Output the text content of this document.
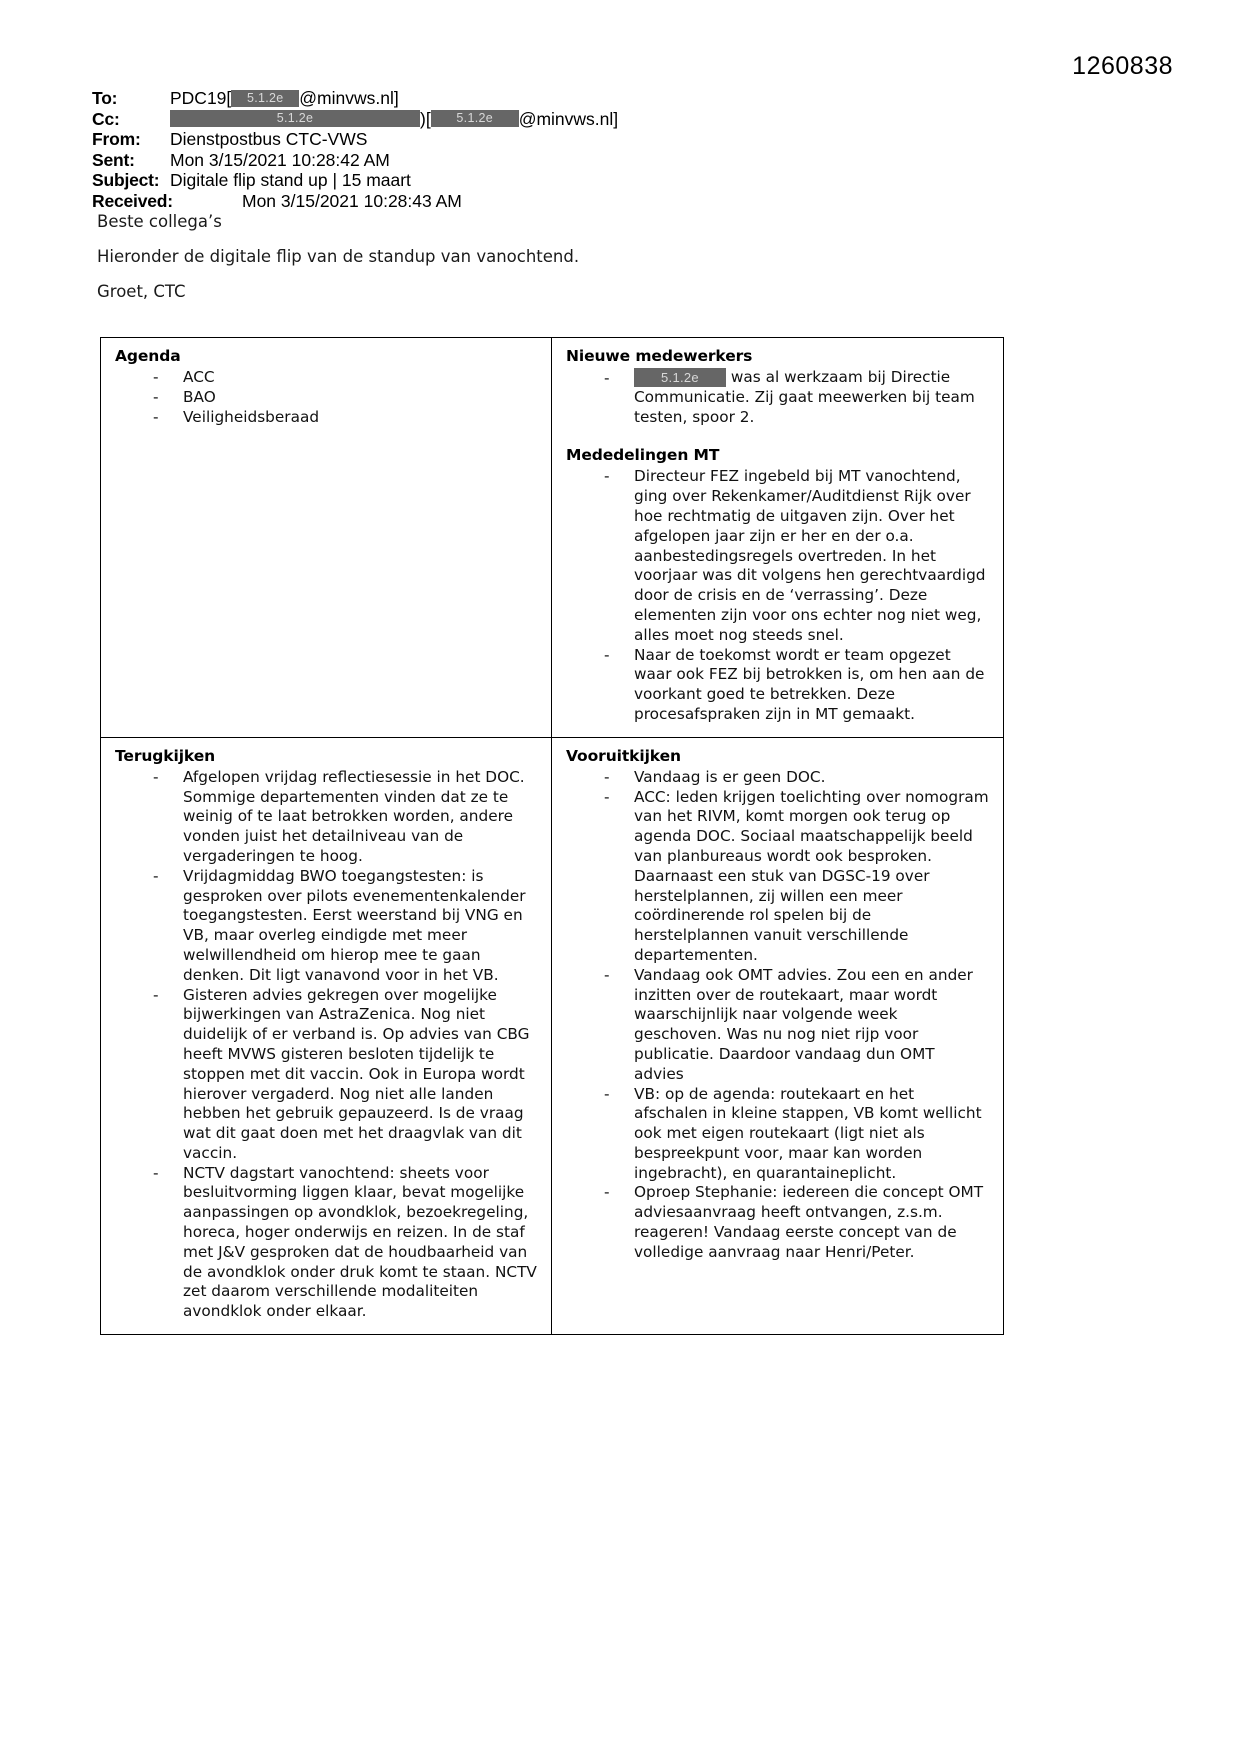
1260838
To:	PDC19[	5.1.2e @minvws.nl]
Cc:	5.1.2e	)[	5.1.2e	@minvws.nl]
From:	Dienstpostbus CTC-VWS
Sent:	Mon 3/15/2021 10:28:42 AM
Subject: Digitale flip stand up | 15 maart
Received:	Mon 3/15/2021 10:28:43 AM
Beste collega’s
Hieronder de digitale flip van de standup van vanochtend.
Groet, CTC
Agenda
- ACC
- BAO
- Veiligheidsberaad

Nieuwe medewerkers
- 5.1.2e was al werkzaam bij Directie Communicatie. Zij gaat meewerken bij team testen, spoor 2.
Mededelingen MT
- Directeur FEZ ingebeld bij MT vanochtend, ging over Rekenkamer/Auditdienst Rijk over hoe rechtmatig de uitgaven zijn. Over het afgelopen jaar zijn er her en der o.a. aanbestedingsregels overtreden. In het voorjaar was dit volgens hen gerechtvaardigd door de crisis en de ‘verrassing’. Deze elementen zijn voor ons echter nog niet weg, alles moet nog steeds snel.
- Naar de toekomst wordt er team opgezet waar ook FEZ bij betrokken is, om hen aan de voorkant goed te betrekken. Deze procesafspraken zijn in MT gemaakt.

Terugkijken
- Afgelopen vrijdag reflectiesessie in het DOC. Sommige departementen vinden dat ze te weinig of te laat betrokken worden, andere vonden juist het detailniveau van de vergaderingen te hoog.
- Vrijdagmiddag BWO toegangstesten: is gesproken over pilots evenementenkalender toegangstesten. Eerst weerstand bij VNG en VB, maar overleg eindigde met meer welwillendheid om hierop mee te gaan denken. Dit ligt vanavond voor in het VB.
- Gisteren advies gekregen over mogelijke bijwerkingen van AstraZenica. Nog niet duidelijk of er verband is. Op advies van CBG heeft MVWS gisteren besloten tijdelijk te stoppen met dit vaccin. Ook in Europa wordt hierover vergaderd. Nog niet alle landen hebben het gebruik gepauzeerd. Is de vraag wat dit gaat doen met het draagvlak van dit vaccin.
- NCTV dagstart vanochtend: sheets voor besluitvorming liggen klaar, bevat mogelijke aanpassingen op avondklok, bezoekregeling, horeca, hoger onderwijs en reizen. In de staf met J&V gesproken dat de houdbaarheid van de avondklok onder druk komt te staan. NCTV zet daarom verschillende modaliteiten avondklok onder elkaar.

Vooruitkijken
- Vandaag is er geen DOC.
- ACC: leden krijgen toelichting over nomogram van het RIVM, komt morgen ook terug op agenda DOC. Sociaal maatschappelijk beeld van planbureaus wordt ook besproken. Daarnaast een stuk van DGSC-19 over herstelplannen, zij willen een meer coördinerende rol spelen bij de herstelplannen vanuit verschillende departementen.
- Vandaag ook OMT advies. Zou een en ander inzitten over de routekaart, maar wordt waarschijnlijk naar volgende week geschoven. Was nu nog niet rijp voor publicatie. Daardoor vandaag dun OMT advies
- VB: op de agenda: routekaart en het afschalen in kleine stappen, VB komt wellicht ook met eigen routekaart (ligt niet als bespreekpunt voor, maar kan worden ingebracht), en quarantaineplicht.
- Oproep Stephanie: iedereen die concept OMT adviesaanvraag heeft ontvangen, z.s.m. reageren! Vandaag eerste concept van de volledige aanvraag naar Henri/Peter.
